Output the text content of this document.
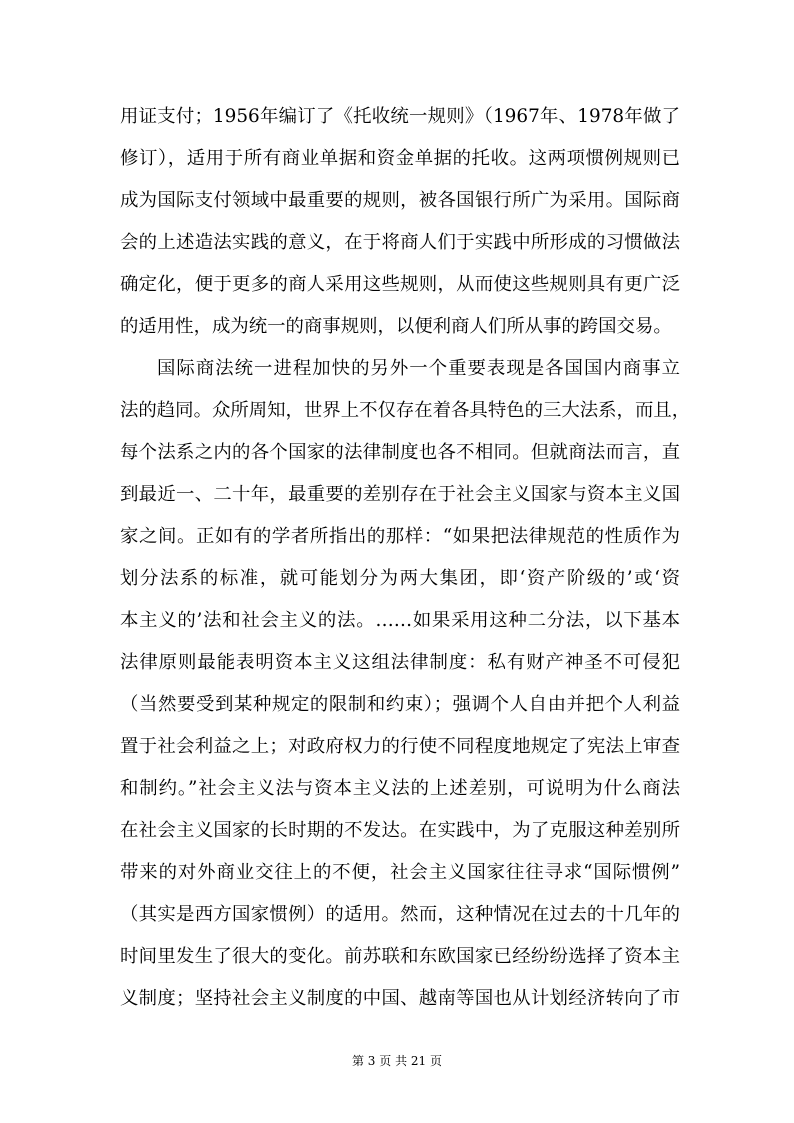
用证支付；1956年编订了《托收统一规则》（1967年、1978年做了
修订），适用于所有商业单据和资金单据的托收。这两项惯例规则已
成为国际支付领域中最重要的规则，被各国银行所广为采用。国际商
会的上述造法实践的意义，在于将商人们于实践中所形成的习惯做法
确定化，便于更多的商人采用这些规则，从而使这些规则具有更广泛
的适用性，成为统一的商事规则，以便利商人们所从事的跨国交易。
国际商法统一进程加快的另外一个重要表现是各国国内商事立
法的趋同。众所周知，世界上不仅存在着各具特色的三大法系，而且，
每个法系之内的各个国家的法律制度也各不相同。但就商法而言，直
到最近一、二十年，最重要的差别存在于社会主义国家与资本主义国
家之间。正如有的学者所指出的那样：“如果把法律规范的性质作为
划分法系的标准，就可能划分为两大集团，即‘资产阶级的’或‘资
本主义的’法和社会主义的法。……如果采用这种二分法，以下基本
法律原则最能表明资本主义这组法律制度：私有财产神圣不可侵犯
（当然要受到某种规定的限制和约束）；强调个人自由并把个人利益
置于社会利益之上；对政府权力的行使不同程度地规定了宪法上审查
和制约。”社会主义法与资本主义法的上述差别，可说明为什么商法
在社会主义国家的长时期的不发达。在实践中，为了克服这种差别所
带来的对外商业交往上的不便，社会主义国家往往寻求“国际惯例”
（其实是西方国家惯例）的适用。然而，这种情况在过去的十几年的
时间里发生了很大的变化。前苏联和东欧国家已经纷纷选择了资本主
义制度；坚持社会主义制度的中国、越南等国也从计划经济转向了市
第 3 页 共 21 页
